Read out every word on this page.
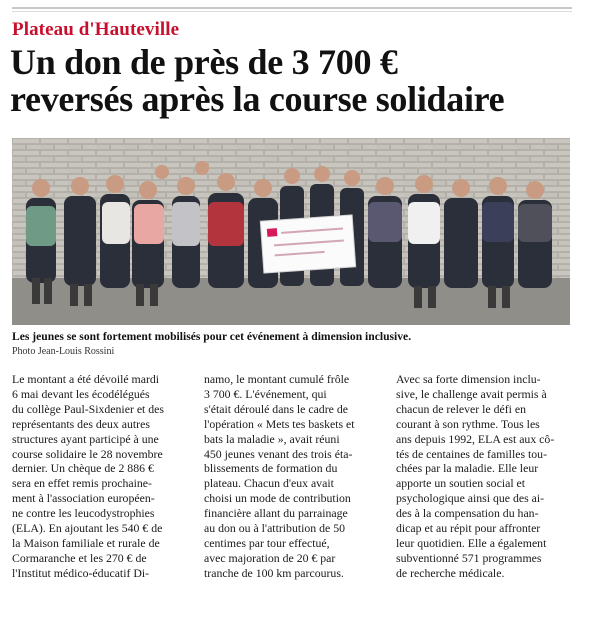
Plateau d'Hauteville
Un don de près de 3 700 €
reversés après la course solidaire
Les jeunes se sont fortement mobilisés pour cet événement à dimension inclusive.
Photo Jean-Louis Rossini
Le montant a été dévoilé mardi
6 mai devant les écodélégués
du collège Paul-Sixdenier et des
représentants des deux autres
structures ayant participé à une
course solidaire le 28 novembre
dernier. Un chèque de 2 886 €
sera en effet remis prochaine-
ment à l'association européen-
ne contre les leucodystrophies
(ELA). En ajoutant les 540 € de
la Maison familiale et rurale de
Cormaranche et les 270 € de
l'Institut médico-éducatif Di-
namo, le montant cumulé frôle
3 700 €. L'événement, qui
s'était déroulé dans le cadre de
l'opération « Mets tes baskets et
bats la maladie », avait réuni
450 jeunes venant des trois éta-
blissements de formation du
plateau. Chacun d'eux avait
choisi un mode de contribution
financière allant du parrainage
au don ou à l'attribution de 50
centimes par tour effectué,
avec majoration de 20 € par
tranche de 100 km parcourus.
Avec sa forte dimension inclu-
sive, le challenge avait permis à
chacun de relever le défi en
courant à son rythme. Tous les
ans depuis 1992, ELA est aux cô-
tés de centaines de familles tou-
chées par la maladie. Elle leur
apporte un soutien social et
psychologique ainsi que des ai-
des à la compensation du han-
dicap et au répit pour affronter
leur quotidien. Elle a également
subventionné 571 programmes
de recherche médicale.
